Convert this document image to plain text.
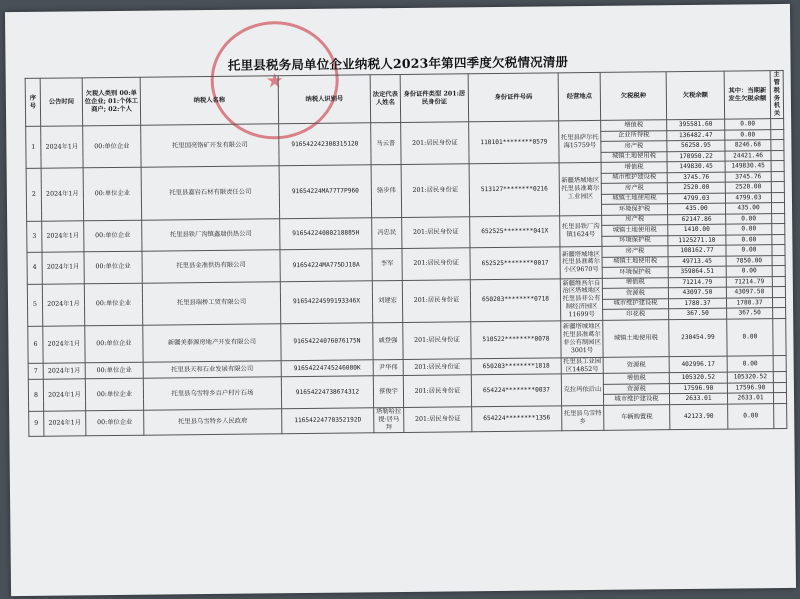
★
托里县税务局单位企业纳税人2023年第四季度欠税情况清册
序号	公告时间	欠税人类别 00:单位企业; 01:个体工商户; 02:个人	纳税人名称	纳税人识别号	法定代表人姓名	身份证件类型 201:居民身份证	身份证件号码	经营地点	欠税税种	欠税余额	其中：当期新发生欠税余额	主管税务机关
1	2024年1月	00:单位企业	托里国亮铬矿开发有限公司	916542242308315120	马云普	201:居民身份证	110101********0579	托里县萨尔托海15759号	增值税	395581.60	0.00	
									企业所得税	136482.47	0.00	
									房产税	56258.95	8246.68	
									城镇土地使用税	170950.22	24421.46	
2	2024年1月	00:单位企业	托里县嘉岩石材有限责任公司	91654224MA77T7P960	骆步伟	201:居民身份证	513127********0216	新疆塔城地区托里县准葛尔工业园区	增值税	149830.45	149830.45	
									城市维护建设税	3745.76	3745.76	
									房产税	2520.00	2520.00	
									城镇土地使用税	4799.03	4799.03	
									环境保护税	435.00	435.00	
3	2024年1月	00:单位企业	托里县铁厂沟镇鑫瑞供热公司	91654224080218885H	冯忠民	201:居民身份证	652525********041X	托里县铁厂沟镇1624号	房产税	62147.86	0.00	
									城镇土地使用税	1410.00	0.00	
									环境保护税	1125271.10	0.00	
4	2024年1月	00:单位企业	托里县金准供热有限公司	91654224MA775DJ18A	李军	201:居民身份证	652525********0017	新疆塔城地区托里县准葛尔小区9670号	房产税	108162.77	0.00	
									城镇土地使用税	49713.45	7850.00	
									环境保护税	359864.51	0.00	
5	2024年1月	00:单位企业	托里县瑞桥工贸有限公司	91654224599193346X	刘建宏	201:居民身份证	650203********0718	新疆维吾尔自治区塔城地区托里县非公有制经济园区11699号	增值税	71214.79	71214.79	
									资源税	43097.50	43097.50	
									城市维护建设税	1780.37	1780.37	
									印花税	367.50	367.50	
6	2024年1月	00:单位企业	新疆美泰源房地产开发有限公司	91654224076076175N	戚登强	201:居民身份证	510522********0078	新疆塔城地区托里县准葛尔非公有制园区3001号	城镇土地使用税	230454.99	0.00	
7	2024年1月	00:单位企业	托里县天和石业发展有限公司	91654224745246080K	尹华伟	201:居民身份证	650203********1818	托里县工业园区14852号	资源税	402996.17	0.00	
8	2024年1月	00:单位企业	托里县乌雪特乡百户村片石场	91654224738674312	蔡俊宇	201:居民身份证	654224********0037	克拉玛依后山	增值税	105320.52	105320.52	
									资源税	17596.90	17596.90	
									城市维护建设税	2633.01	2633.01	
9	2024年1月	00:单位企业	托里县乌雪特乡人民政府	11654224770352192D	塔勒哈拉提·居马拜	201:居民身份证	654224********1356	托里县乌雪特乡	车辆购置税	42123.90	0.00	
